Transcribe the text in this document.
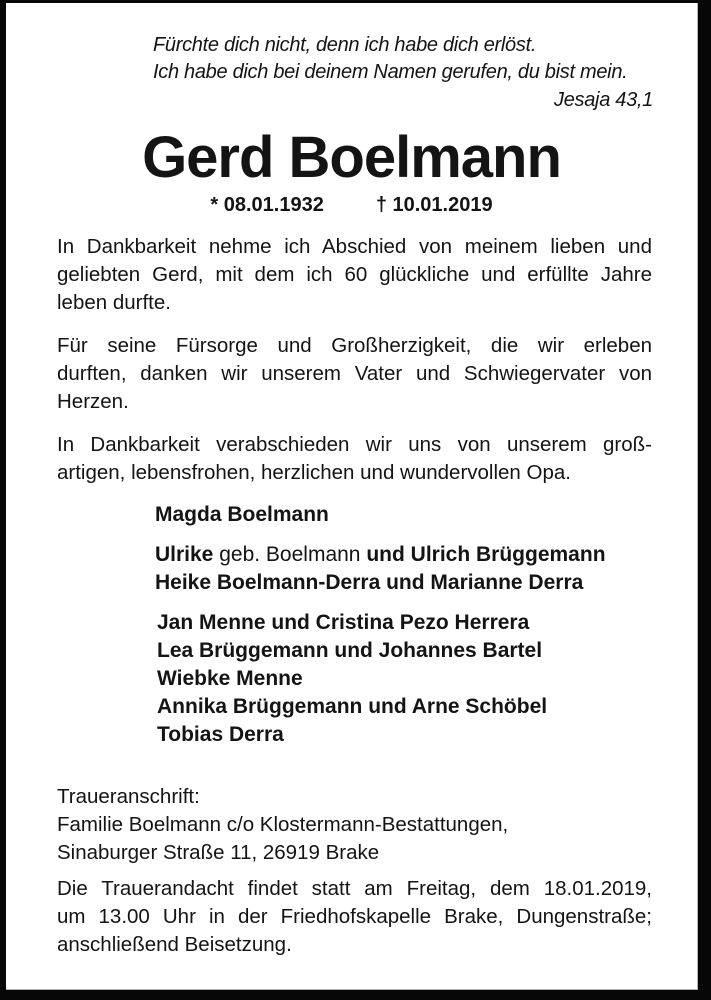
Fürchte dich nicht, denn ich habe dich erlöst.
Ich habe dich bei deinem Namen gerufen, du bist mein.
Jesaja 43,1
Gerd Boelmann
* 08.01.1932	† 10.01.2019
In Dankbarkeit nehme ich Abschied von meinem lieben und
geliebten Gerd, mit dem ich 60 glückliche und erfüllte Jahre
leben durfte.
Für seine Fürsorge und Großherzigkeit, die wir erleben
durften, danken wir unserem Vater und Schwiegervater von
Herzen.
In Dankbarkeit verabschieden wir uns von unserem groß-
artigen, lebensfrohen, herzlichen und wundervollen Opa.
Magda Boelmann
Ulrike geb. Boelmann und Ulrich Brüggemann
Heike Boelmann-Derra und Marianne Derra
Jan Menne und Cristina Pezo Herrera
Lea Brüggemann und Johannes Bartel
Wiebke Menne
Annika Brüggemann und Arne Schöbel
Tobias Derra
Traueranschrift:
Familie Boelmann c/o Klostermann-Bestattungen,
Sinaburger Straße 11, 26919 Brake
Die Trauerandacht findet statt am Freitag, dem 18.01.2019,
um 13.00 Uhr in der Friedhofskapelle Brake, Dungenstraße;
anschließend Beisetzung.
